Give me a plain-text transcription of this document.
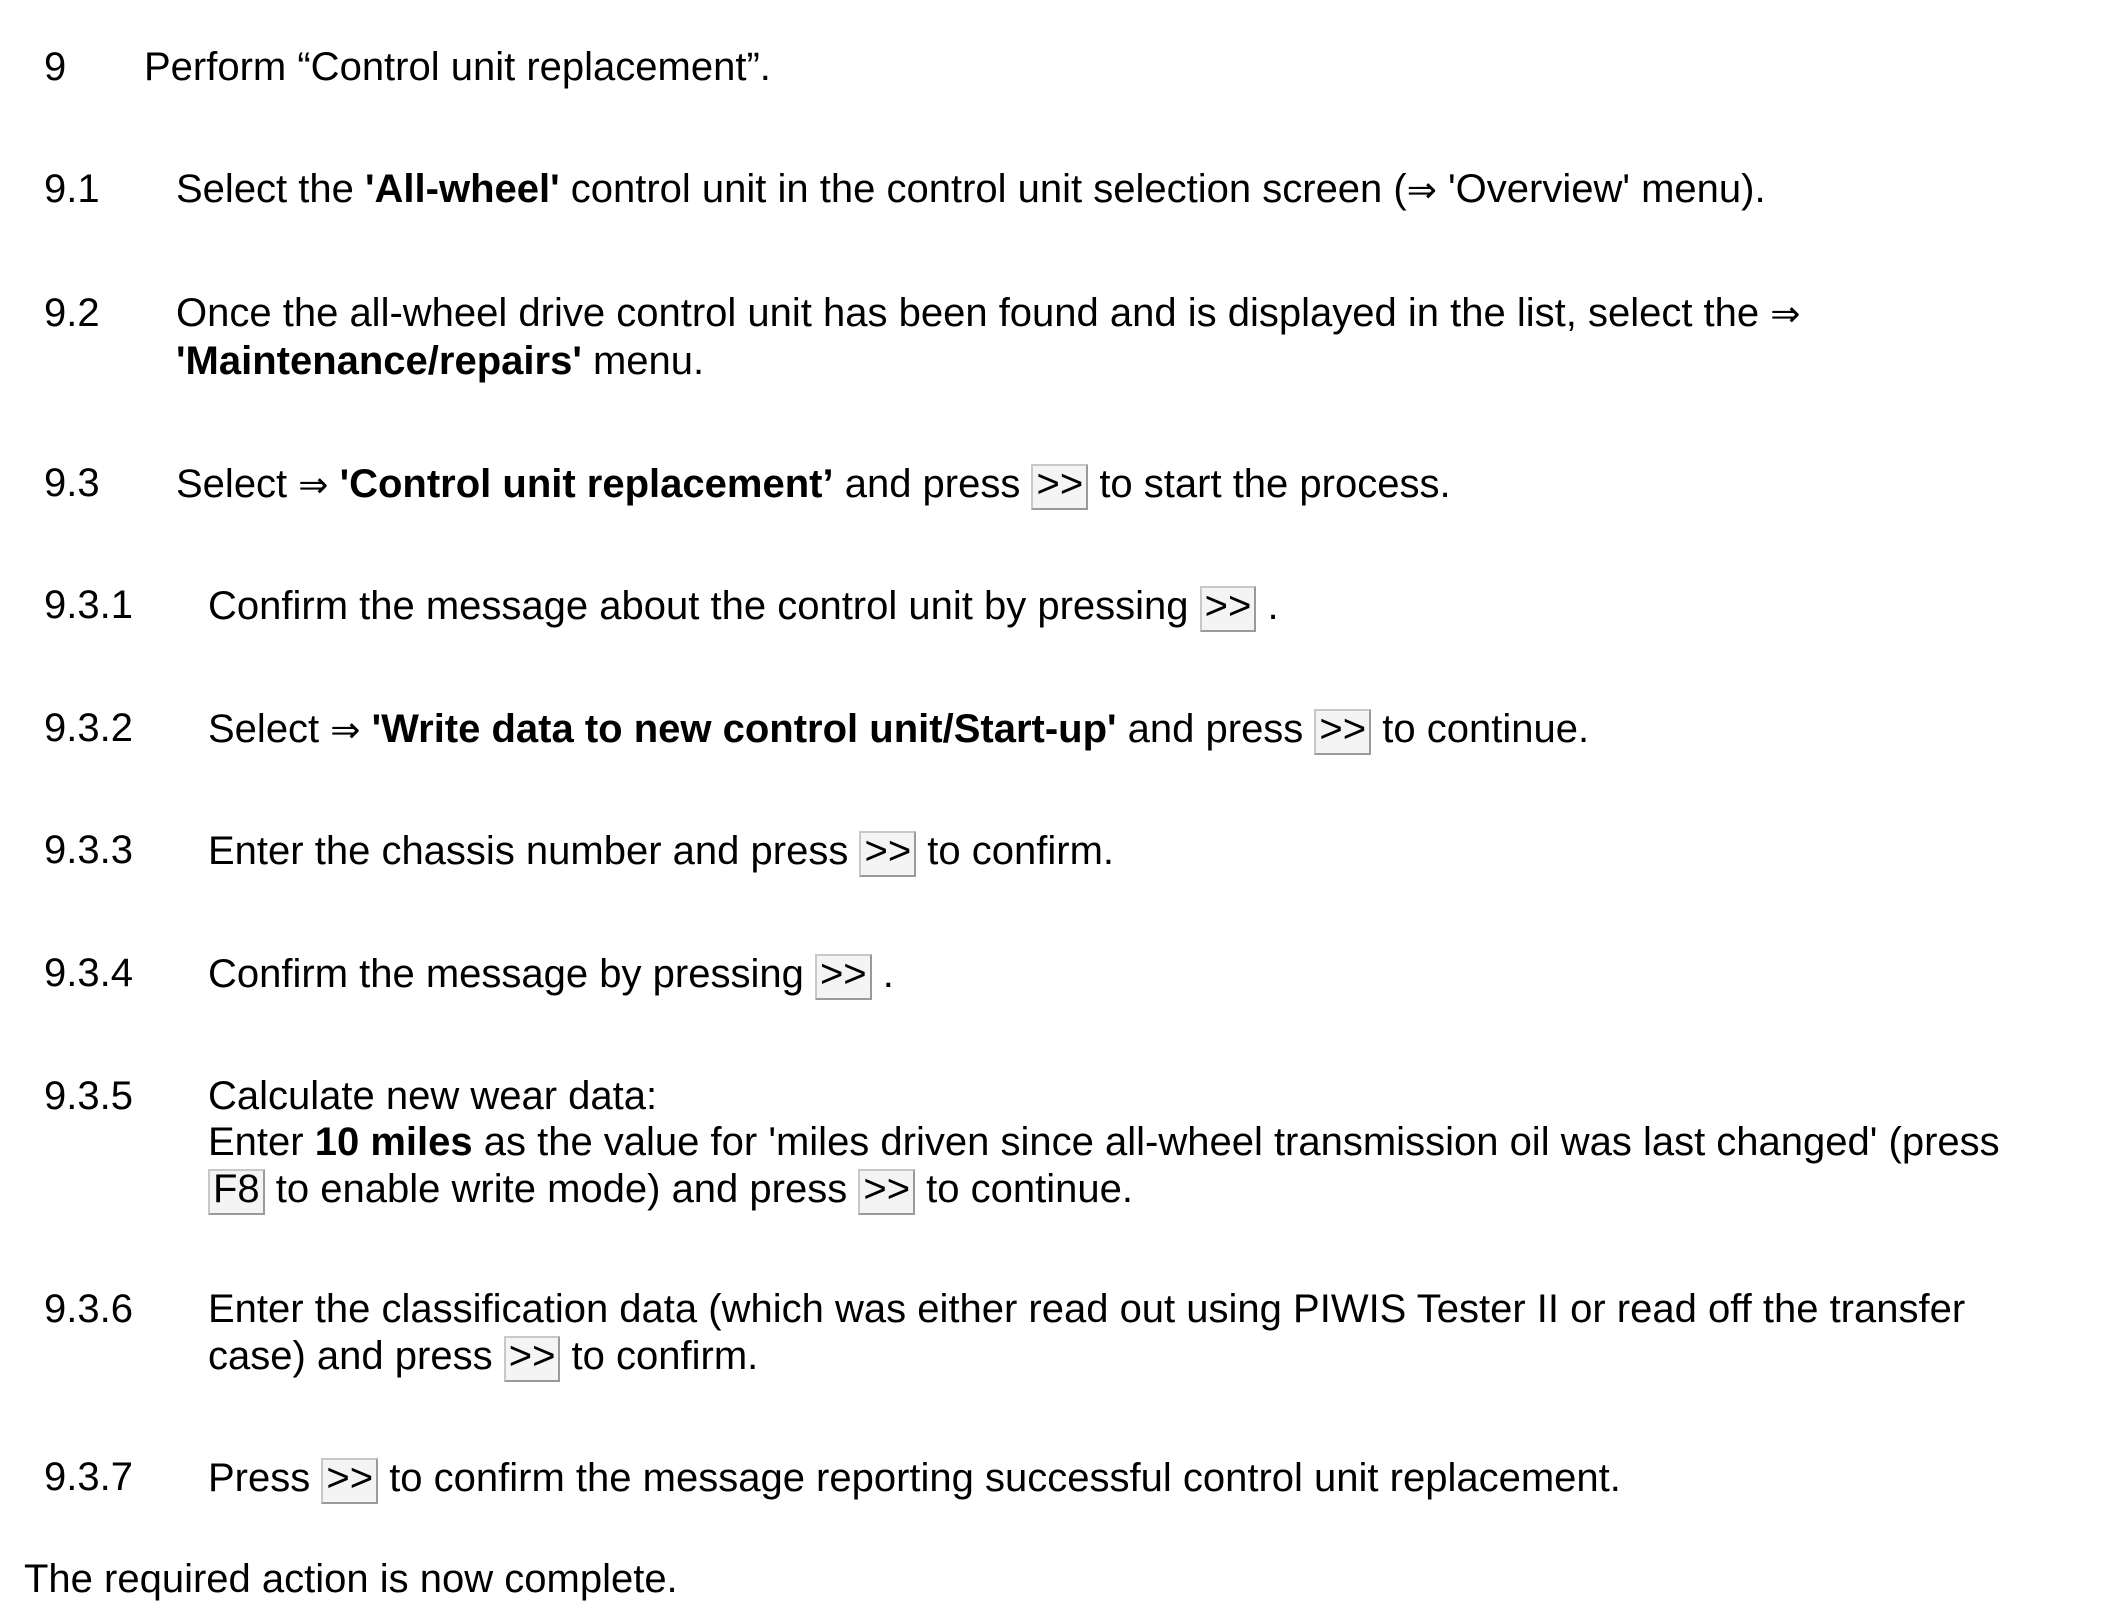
9 Perform “Control unit replacement”.
9.1 Select the 'All-wheel' control unit in the control unit selection screen (⇒ 'Overview' menu).
9.2 Once the all-wheel drive control unit has been found and is displayed in the list, select the ⇒
'Maintenance/repairs' menu.
9.3 Select ⇒ 'Control unit replacement’ and press >> to start the process.
9.3.1 Confirm the message about the control unit by pressing >> .
9.3.2 Select ⇒ 'Write data to new control unit/Start-up' and press >> to continue.
9.3.3 Enter the chassis number and press >> to confirm.
9.3.4 Confirm the message by pressing >> .
9.3.5 Calculate new wear data:
Enter 10 miles as the value for 'miles driven since all-wheel transmission oil was last changed' (press
F8 to enable write mode) and press >> to continue.
9.3.6 Enter the classification data (which was either read out using PIWIS Tester II or read off the transfer
case) and press >> to confirm.
9.3.7 Press >> to confirm the message reporting successful control unit replacement.
The required action is now complete.
